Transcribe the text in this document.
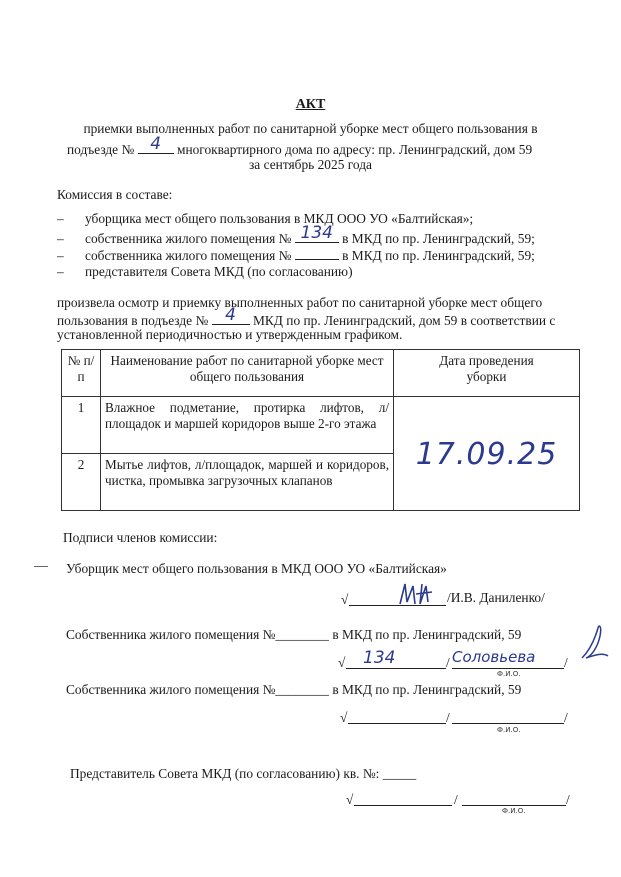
АКТ
приемки выполненных работ по санитарной уборке мест общего пользования в
подъезде № 4	многоквартирного дома по адресу: пр. Ленинградский, дом 59
за сентябрь 2025 года
Комиссия в составе:
– уборщика мест общего пользования в МКД ООО УО «Балтийская»;
– собственника жилого помещения № 134 в МКД по пр. Ленинградский, 59;
– собственника жилого помещения №	в МКД по пр. Ленинградский, 59;
– представителя Совета МКД (по согласованию)
произвела осмотр и приемку выполненных работ по санитарной уборке мест общего
пользования в подъезде № 4	МКД по пр. Ленинградский, дом 59 в соответствии с
установленной периодичностью и утвержденным графиком.
№ п/п	Наименование работ по санитарной уборке мест общего пользования	Дата проведения уборки
1	Влажное подметание, протирка лифтов, л/площадок и маршей коридоров выше 2-го этажа	17.09.25

2	Мытье лифтов, л/площадок, маршей и коридоров, чистка, промывка загрузочных клапанов	
Подписи членов комиссии:
Уборщик мест общего пользования в МКД ООО УО «Балтийская»
√	/И.В. Даниленко/
Собственника жилого помещения №________ в МКД по пр. Ленинградский, 59
√ 134	/ Соловьева /
Ф.И.О.
Собственника жилого помещения №________ в МКД по пр. Ленинградский, 59
√	/	/
Ф.И.О.
Представитель Совета МКД (по согласованию) кв. №: _____
√	/	/
Ф.И.О.
